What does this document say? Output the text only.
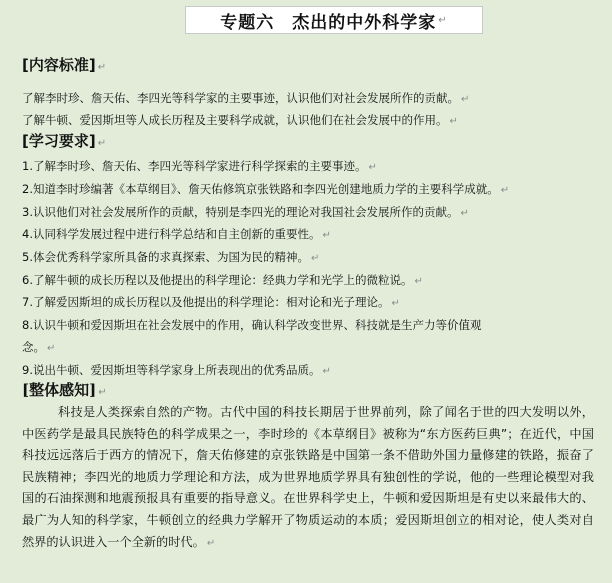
专题六　杰出的中外科学家 ↵
[内容标准] ↵
了解李时珍、詹天佑、李四光等科学家的主要事迹，认识他们对社会发展所作的贡献。 ↵
了解牛顿、爱因斯坦等人成长历程及主要科学成就，认识他们在社会发展中的作用。 ↵
[学习要求] ↵
1.了解李时珍、詹天佑、李四光等科学家进行科学探索的主要事迹。 ↵
2.知道李时珍编著《本草纲目》、詹天佑修筑京张铁路和李四光创建地质力学的主要科学成就。 ↵
3.认识他们对社会发展所作的贡献，特别是李四光的理论对我国社会发展所作的贡献。 ↵
4.认同科学发展过程中进行科学总结和自主创新的重要性。 ↵
5.体会优秀科学家所具备的求真探索、为国为民的精神。 ↵
6.了解牛顿的成长历程以及他提出的科学理论：经典力学和光学上的微粒说。 ↵
7.了解爱因斯坦的成长历程以及他提出的科学理论：相对论和光子理论。 ↵
8.认识牛顿和爱因斯坦在社会发展中的作用，确认科学改变世界、科技就是生产力等价值观
念。 ↵
9.说出牛顿、爱因斯坦等科学家身上所表现出的优秀品质。 ↵
[整体感知] ↵
科技是人类探索自然的产物。古代中国的科技长期居于世界前列，除了闻名于世的四大发明以外，中医药学是最具民族特色的科学成果之一，李时珍的《本草纲目》被称为“东方医药巨典”；在近代，中国科技远远落后于西方的情况下，詹天佑修建的京张铁路是中国第一条不借助外国力量修建的铁路，振奋了民族精神；李四光的地质力学理论和方法，成为世界地质学界具有独创性的学说，他的一些理论模型对我国的石油探测和地震预报具有重要的指导意义。在世界科学史上，牛顿和爱因斯坦是有史以来最伟大的、最广为人知的科学家，牛顿创立的经典力学解开了物质运动的本质；爱因斯坦创立的相对论，使人类对自然界的认识进入一个全新的时代。 ↵
